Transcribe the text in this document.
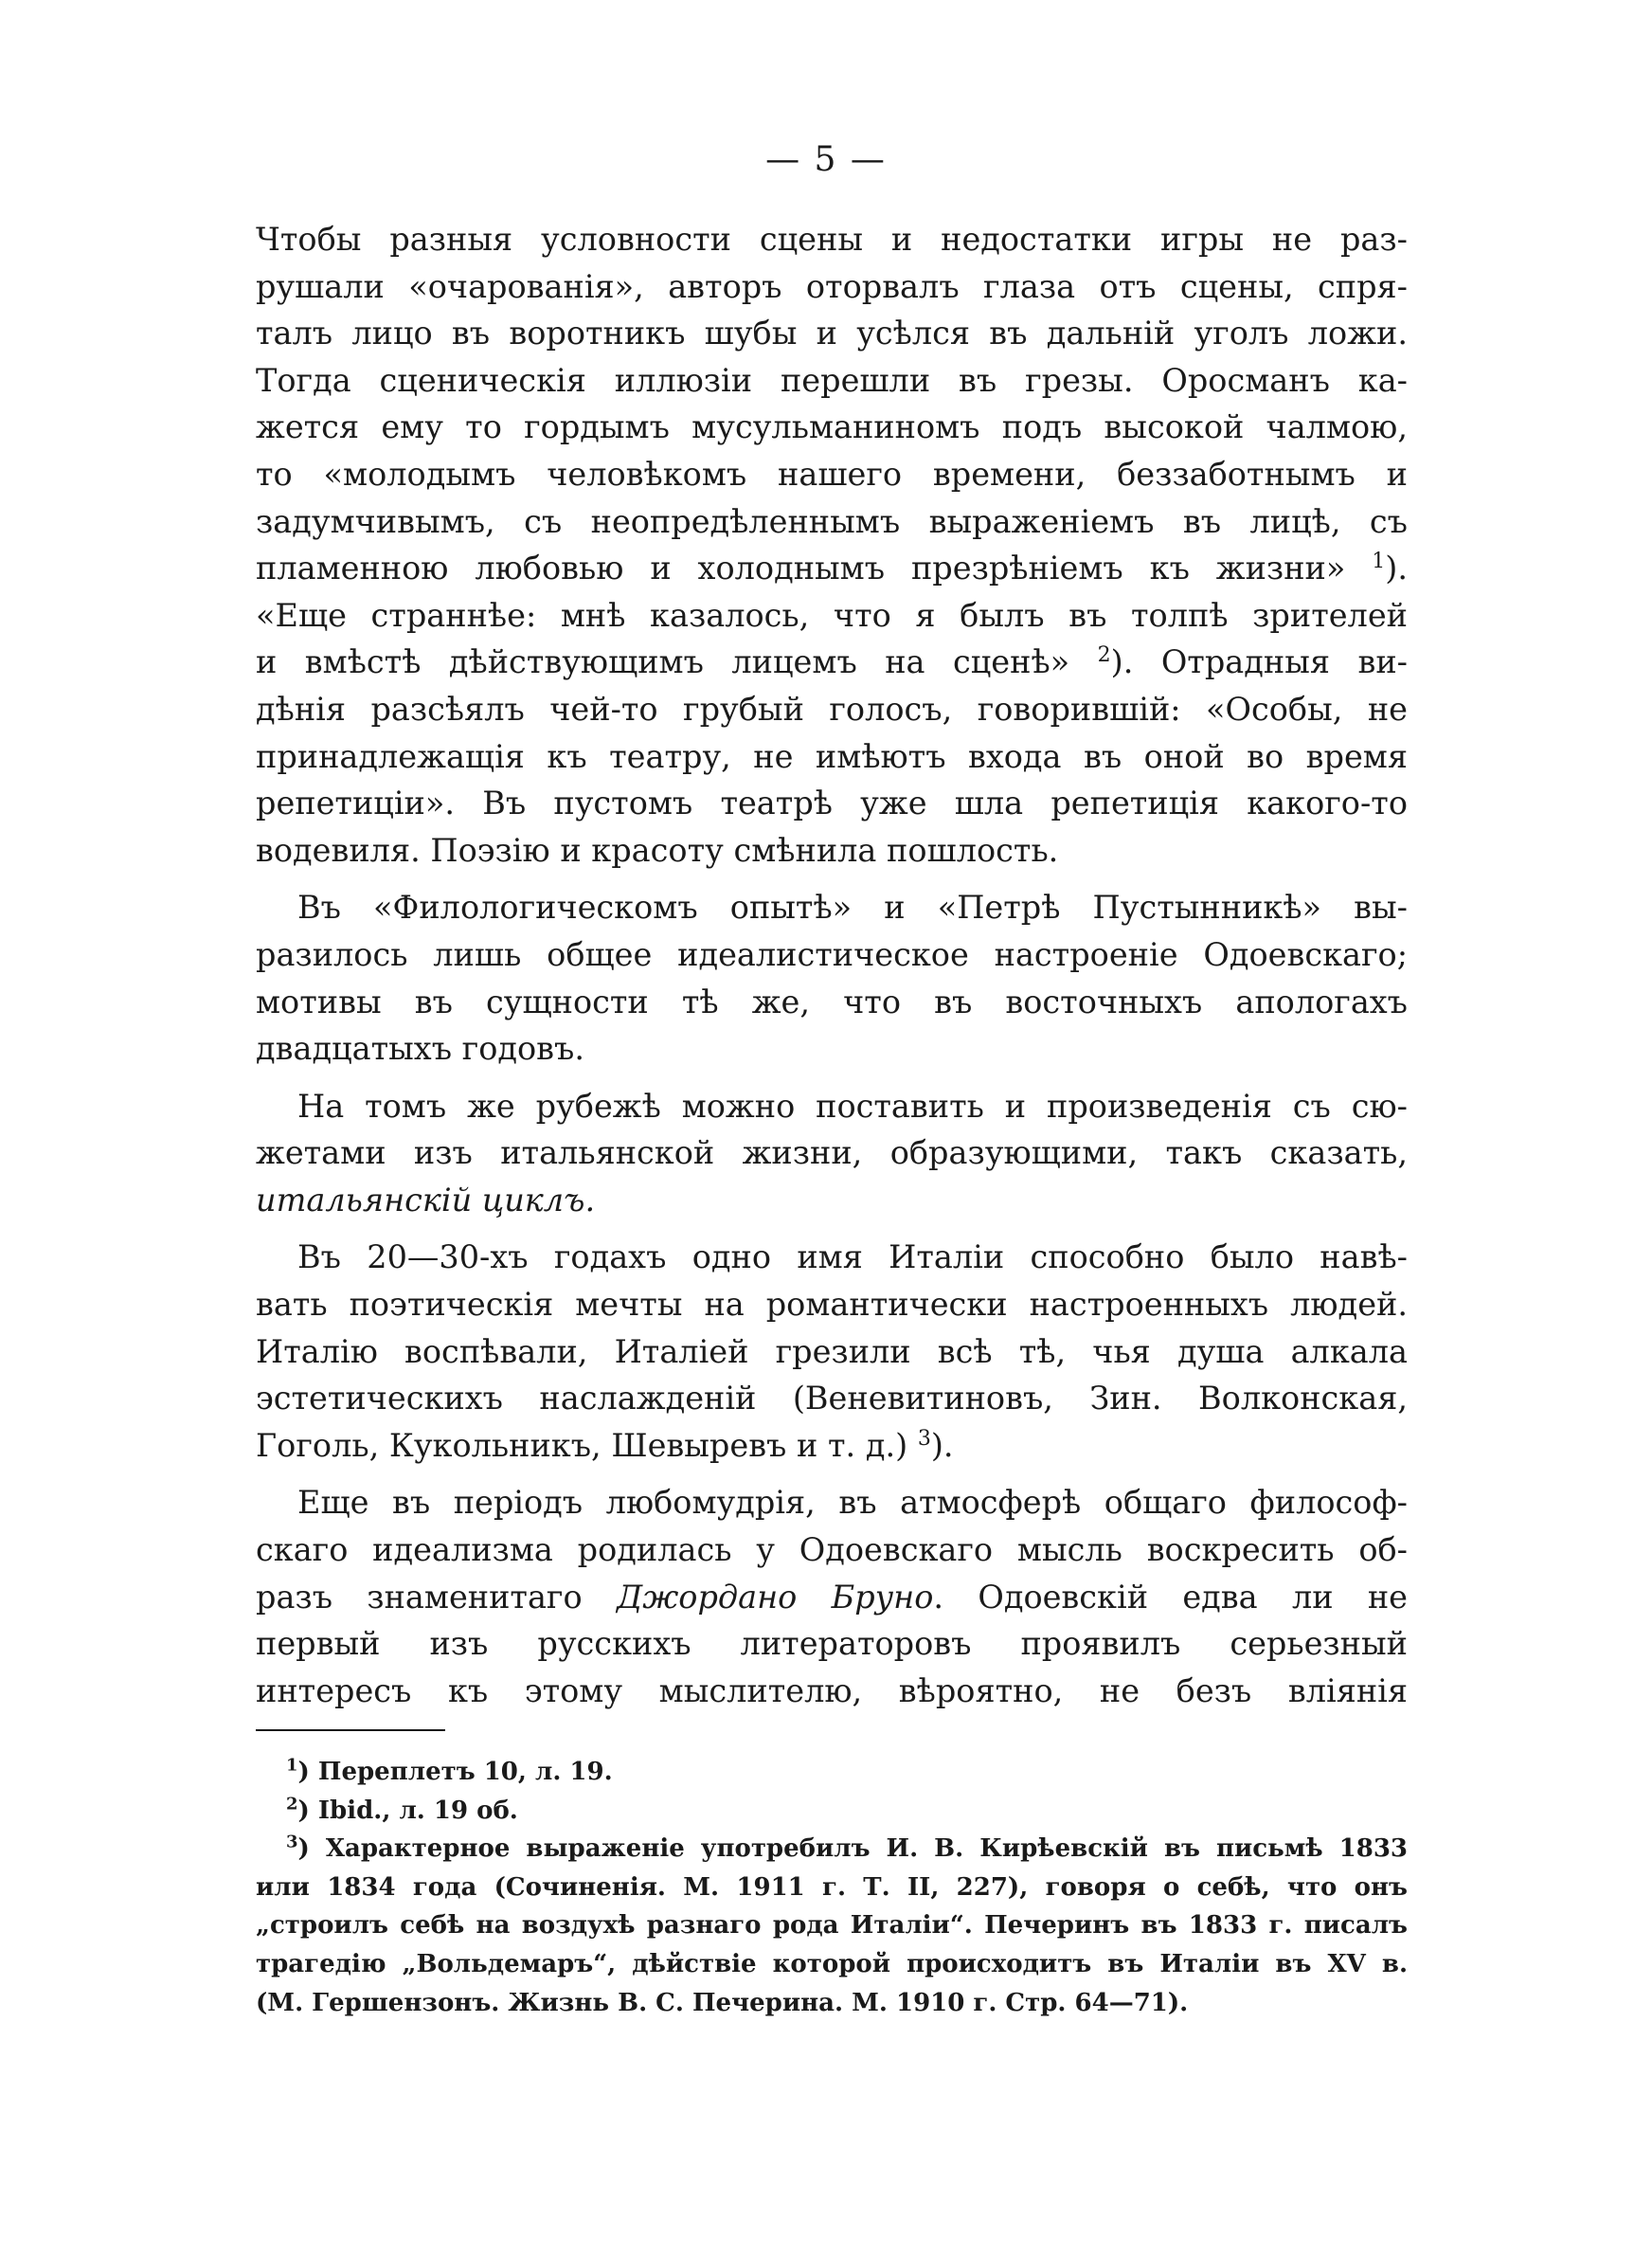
— 5 —
Чтобы разныя условности сцены и недостатки игры не раз-
рушали «очарованія», авторъ оторвалъ глаза отъ сцены, спря-
талъ лицо въ воротникъ шубы и усѣлся въ дальній уголъ ложи.
Тогда сценическія иллюзіи перешли въ грезы. Оросманъ ка-
жется ему то гордымъ мусульманиномъ подъ высокой чалмою,
то «молодымъ человѣкомъ нашего времени, беззаботнымъ и
задумчивымъ, съ неопредѣленнымъ выраженіемъ въ лицѣ, съ
пламенною любовью и холоднымъ презрѣніемъ къ жизни» $^1$).
«Еще страннѣе: мнѣ казалось, что я былъ въ толпѣ зрителей
и вмѣстѣ дѣйствующимъ лицемъ на сценѣ» $^2$). Отрадныя ви-
дѣнія разсѣялъ чей-то грубый голосъ, говорившій: «Особы, не
принадлежащія къ театру, не имѣютъ входа въ оной во время
репетиціи». Въ пустомъ театрѣ уже шла репетиція какого-то
водевиля. Поэзію и красоту смѣнила пошлость.
Въ «Филологическомъ опытѣ» и «Петрѣ Пустынникѣ» вы-
разилось лишь общее идеалистическое настроеніе Одоевскаго;
мотивы въ сущности тѣ же, что въ восточныхъ апологахъ
двадцатыхъ годовъ.
На томъ же рубежѣ можно поставить и произведенія съ сю-
жетами изъ итальянской жизни, образующими, такъ сказать,
итальянскій циклъ.
Въ 20—30-хъ годахъ одно имя Италіи способно было навѣ-
вать поэтическія мечты на романтически настроенныхъ людей.
Италію воспѣвали, Италіей грезили всѣ тѣ, чья душа алкала
эстетическихъ наслажденій (Веневитиновъ, Зин. Волконская,
Гоголь, Кукольникъ, Шевыревъ и т. д.) $^3$).
Еще въ періодъ любомудрія, въ атмосферѣ общаго философ-
скаго идеализма родилась у Одоевскаго мысль воскресить об-
разъ знаменитаго Джордано Бруно. Одоевскій едва ли не
первый изъ русскихъ литераторовъ проявилъ серьезный
интересъ къ этому мыслителю, вѣроятно, не безъ вліянія
$^1$) Переплетъ 10, л. 19.
$^2$) Ibid., л. 19 об.
$^3$) Характерное выраженіе употребилъ И. В. Кирѣевскій въ письмѣ 1833
или 1834 года (Сочиненія. М. 1911 г. Т. II, 227), говоря о себѣ, что онъ
„строилъ себѣ на воздухѣ разнаго рода Италіи“. Печеринъ въ 1833 г. писалъ
трагедію „Вольдемаръ“, дѣйствіе которой происходитъ въ Италіи въ XV в.
(М. Гершензонъ. Жизнь В. С. Печерина. М. 1910 г. Стр. 64—71).
